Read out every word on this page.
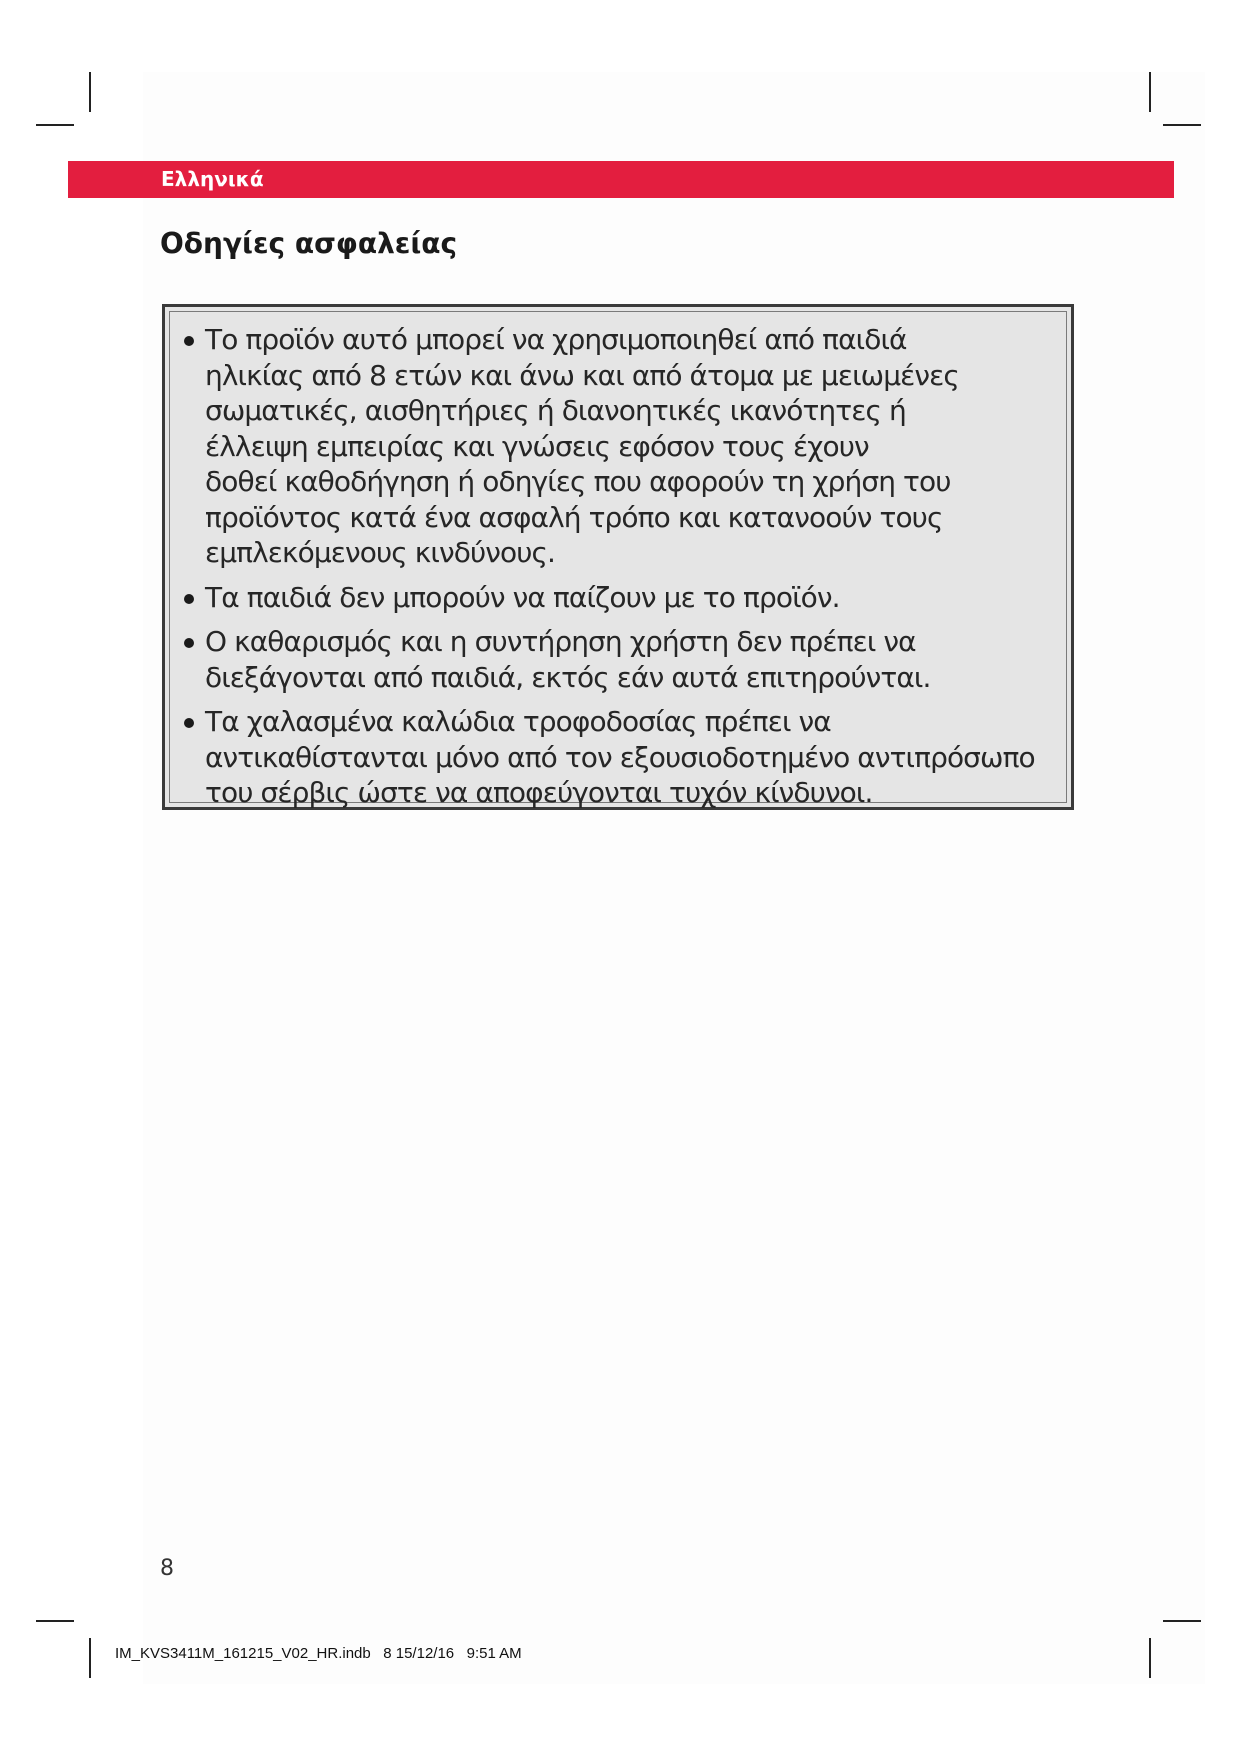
Ελληνικά
Οδηγίες ασφαλείας
Το προϊόν αυτό μπορεί να χρησιμοποιηθεί από παιδιά
ηλικίας από 8 ετών και άνω και από άτομα με μειωμένες
σωματικές, αισθητήριες ή διανοητικές ικανότητες ή
έλλειψη εμπειρίας και γνώσεις εφόσον τους έχουν
δοθεί καθοδήγηση ή οδηγίες που αφορούν τη χρήση του
προϊόντος κατά ένα ασφαλή τρόπο και κατανοούν τους
εμπλεκόμενους κινδύνους.
Τα παιδιά δεν μπορούν να παίζουν με το προϊόν.
Ο καθαρισμός και η συντήρηση χρήστη δεν πρέπει να
διεξάγονται από παιδιά, εκτός εάν αυτά επιτηρούνται.
Τα χαλασμένα καλώδια τροφοδοσίας πρέπει να
αντικαθίστανται μόνο από τον εξουσιοδοτημένο αντιπρόσωπο
του σέρβις ώστε να αποφεύγονται τυχόν κίνδυνοι.
8
IM_KVS3411M_161215_V02_HR.indb   8 15/12/16   9:51 AM
